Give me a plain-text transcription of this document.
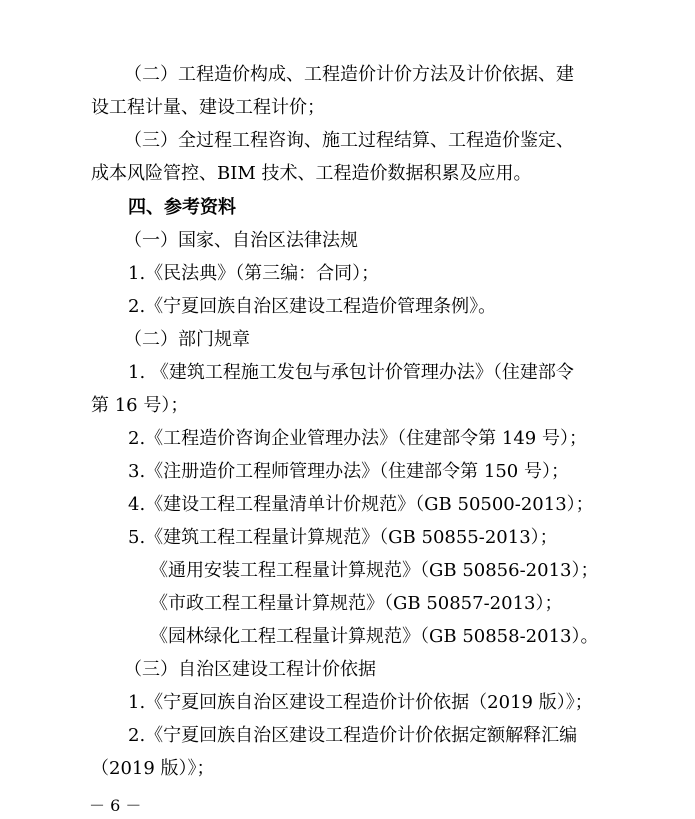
（二）工程造价构成、工程造价计价方法及计价依据、建
设工程计量、建设工程计价；
（三）全过程工程咨询、施工过程结算、工程造价鉴定、
成本风险管控、BIM 技术、工程造价数据积累及应用。
四、参考资料
（一）国家、自治区法律法规
1.《民法典》（第三编：合同）；
2.《宁夏回族自治区建设工程造价管理条例》。
（二）部门规章
1. 《建筑工程施工发包与承包计价管理办法》（住建部令
第 16 号）；
2.《工程造价咨询企业管理办法》（住建部令第 149 号）；
3.《注册造价工程师管理办法》（住建部令第 150 号）；
4.《建设工程工程量清单计价规范》（GB 50500-2013）；
5.《建筑工程工程量计算规范》（GB 50855-2013）；
《通用安装工程工程量计算规范》（GB 50856-2013）；
《市政工程工程量计算规范》（GB 50857-2013）；
《园林绿化工程工程量计算规范》（GB 50858-2013）。
（三）自治区建设工程计价依据
1.《宁夏回族自治区建设工程造价计价依据（2019 版）》；
2.《宁夏回族自治区建设工程造价计价依据定额解释汇编
（2019 版）》；
－ 6 －
